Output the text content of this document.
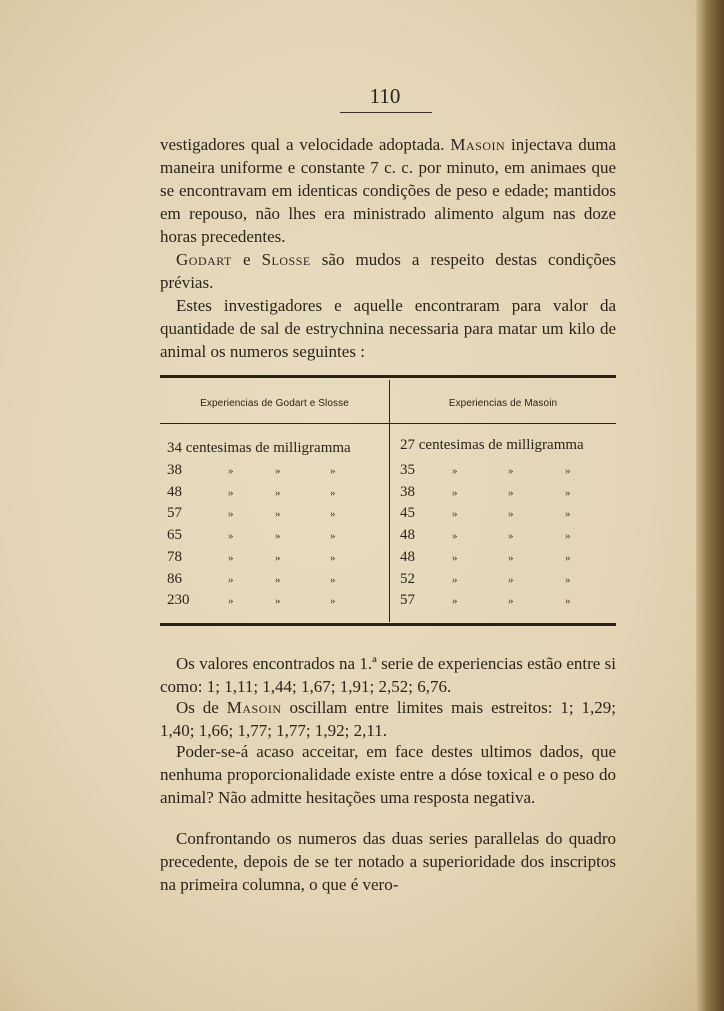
110

vestigadores qual a velocidade adoptada. Masoin injectava duma maneira uniforme e constante 7 c. c. por minuto, em animaes que se encontravam em identicas condições de peso e edade; mantidos em repouso, não lhes era ministrado alimento algum nas doze horas precedentes.

Godart e Slosse são mudos a respeito destas condições prévias.

Estes investigadores e aquelle encontraram para valor da quantidade de sal de estrychnina necessaria para matar um kilo de animal os numeros seguintes :

Experiencias de Godart e Slosse	Experiencias de Masoin
34 centesimas de milligramma	27 centesimas de milligramma
38	»	»	»	35	»	»	»
48	»	»	»	38	»	»	»
57	»	»	»	45	»	»	»
65	»	»	»	48	»	»	»
78	»	»	»	48	»	»	»
86	»	»	»	52	»	»	»
230	»	»	»	57	»	»	»

Os valores encontrados na 1.ª serie de experiencias estão entre si como: 1; 1,11; 1,44; 1,67; 1,91; 2,52; 6,76.

Os de Masoin oscillam entre limites mais estreitos: 1; 1,29; 1,40; 1,66; 1,77; 1,77; 1,92; 2,11.

Poder-se-á acaso acceitar, em face destes ultimos dados, que nenhuma proporcionalidade existe entre a dóse toxical e o peso do animal? Não admitte hesitações uma resposta negativa.

Confrontando os numeros das duas series parallelas do quadro precedente, depois de se ter notado a superioridade dos inscriptos na primeira columna, o que é vero-
